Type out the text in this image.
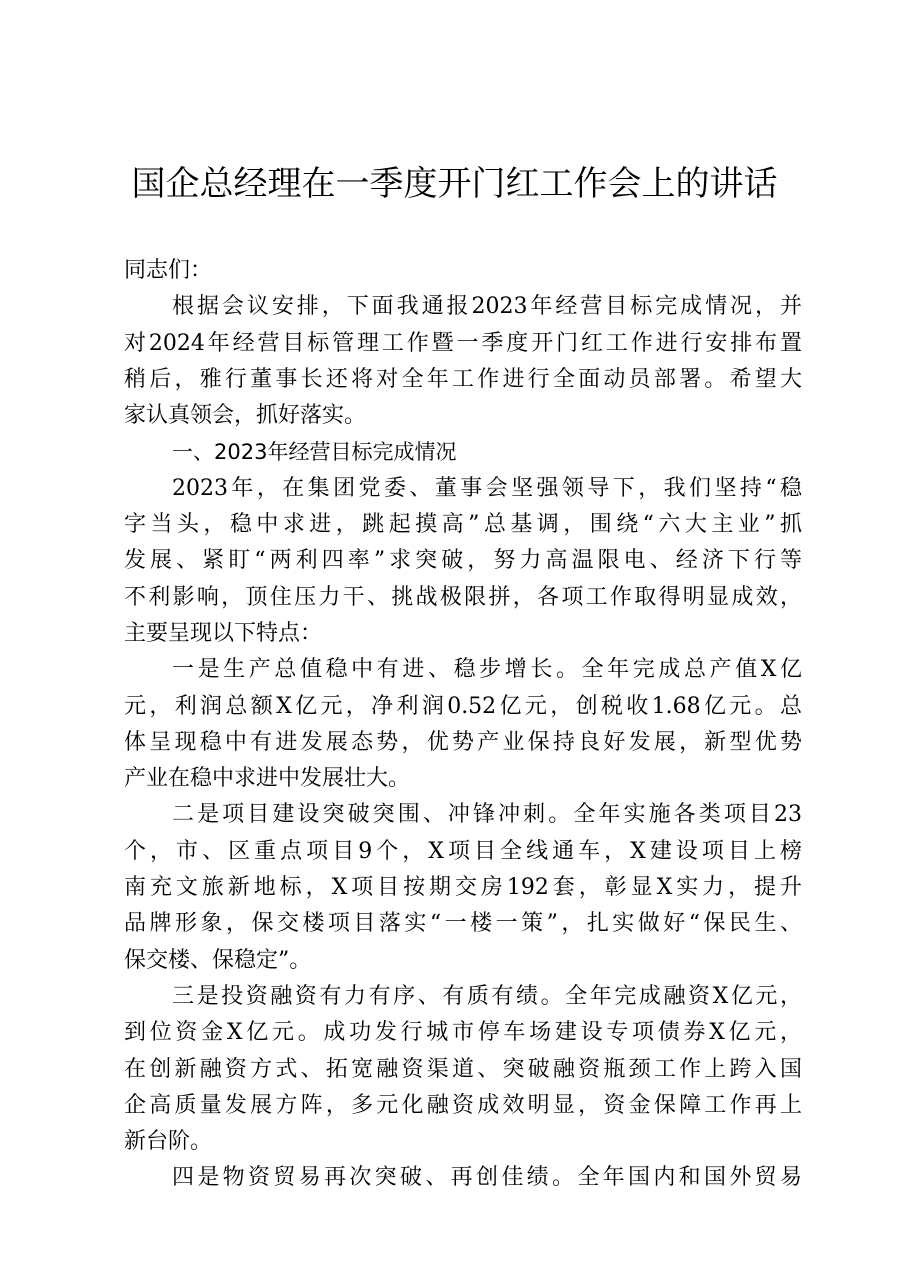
国企总经理在一季度开门红工作会上的讲话
同志们：
根据会议安排，下面我通报2023年经营目标完成情况，并
对2024年经营目标管理工作暨一季度开门红工作进行安排布置
稍后，雅行董事长还将对全年工作进行全面动员部署。希望大
家认真领会，抓好落实。
一、2023年经营目标完成情况
2023年，在集团党委、董事会坚强领导下，我们坚持“稳
字当头，稳中求进，跳起摸高”总基调，围绕“六大主业”抓
发展、紧盯“两利四率”求突破，努力高温限电、经济下行等
不利影响，顶住压力干、挑战极限拼，各项工作取得明显成效，
主要呈现以下特点：
一是生产总值稳中有进、稳步增长。全年完成总产值X亿
元，利润总额X亿元，净利润0.52亿元，创税收1.68亿元。总
体呈现稳中有进发展态势，优势产业保持良好发展，新型优势
产业在稳中求进中发展壮大。
二是项目建设突破突围、冲锋冲刺。全年实施各类项目23
个，市、区重点项目9个，X项目全线通车，X建设项目上榜
南充文旅新地标，X项目按期交房192套，彰显X实力，提升
品牌形象，保交楼项目落实“一楼一策”，扎实做好“保民生、
保交楼、保稳定”。
三是投资融资有力有序、有质有绩。全年完成融资X亿元，
到位资金X亿元。成功发行城市停车场建设专项债券X亿元，
在创新融资方式、拓宽融资渠道、突破融资瓶颈工作上跨入国
企高质量发展方阵，多元化融资成效明显，资金保障工作再上
新台阶。
四是物资贸易再次突破、再创佳绩。全年国内和国外贸易
